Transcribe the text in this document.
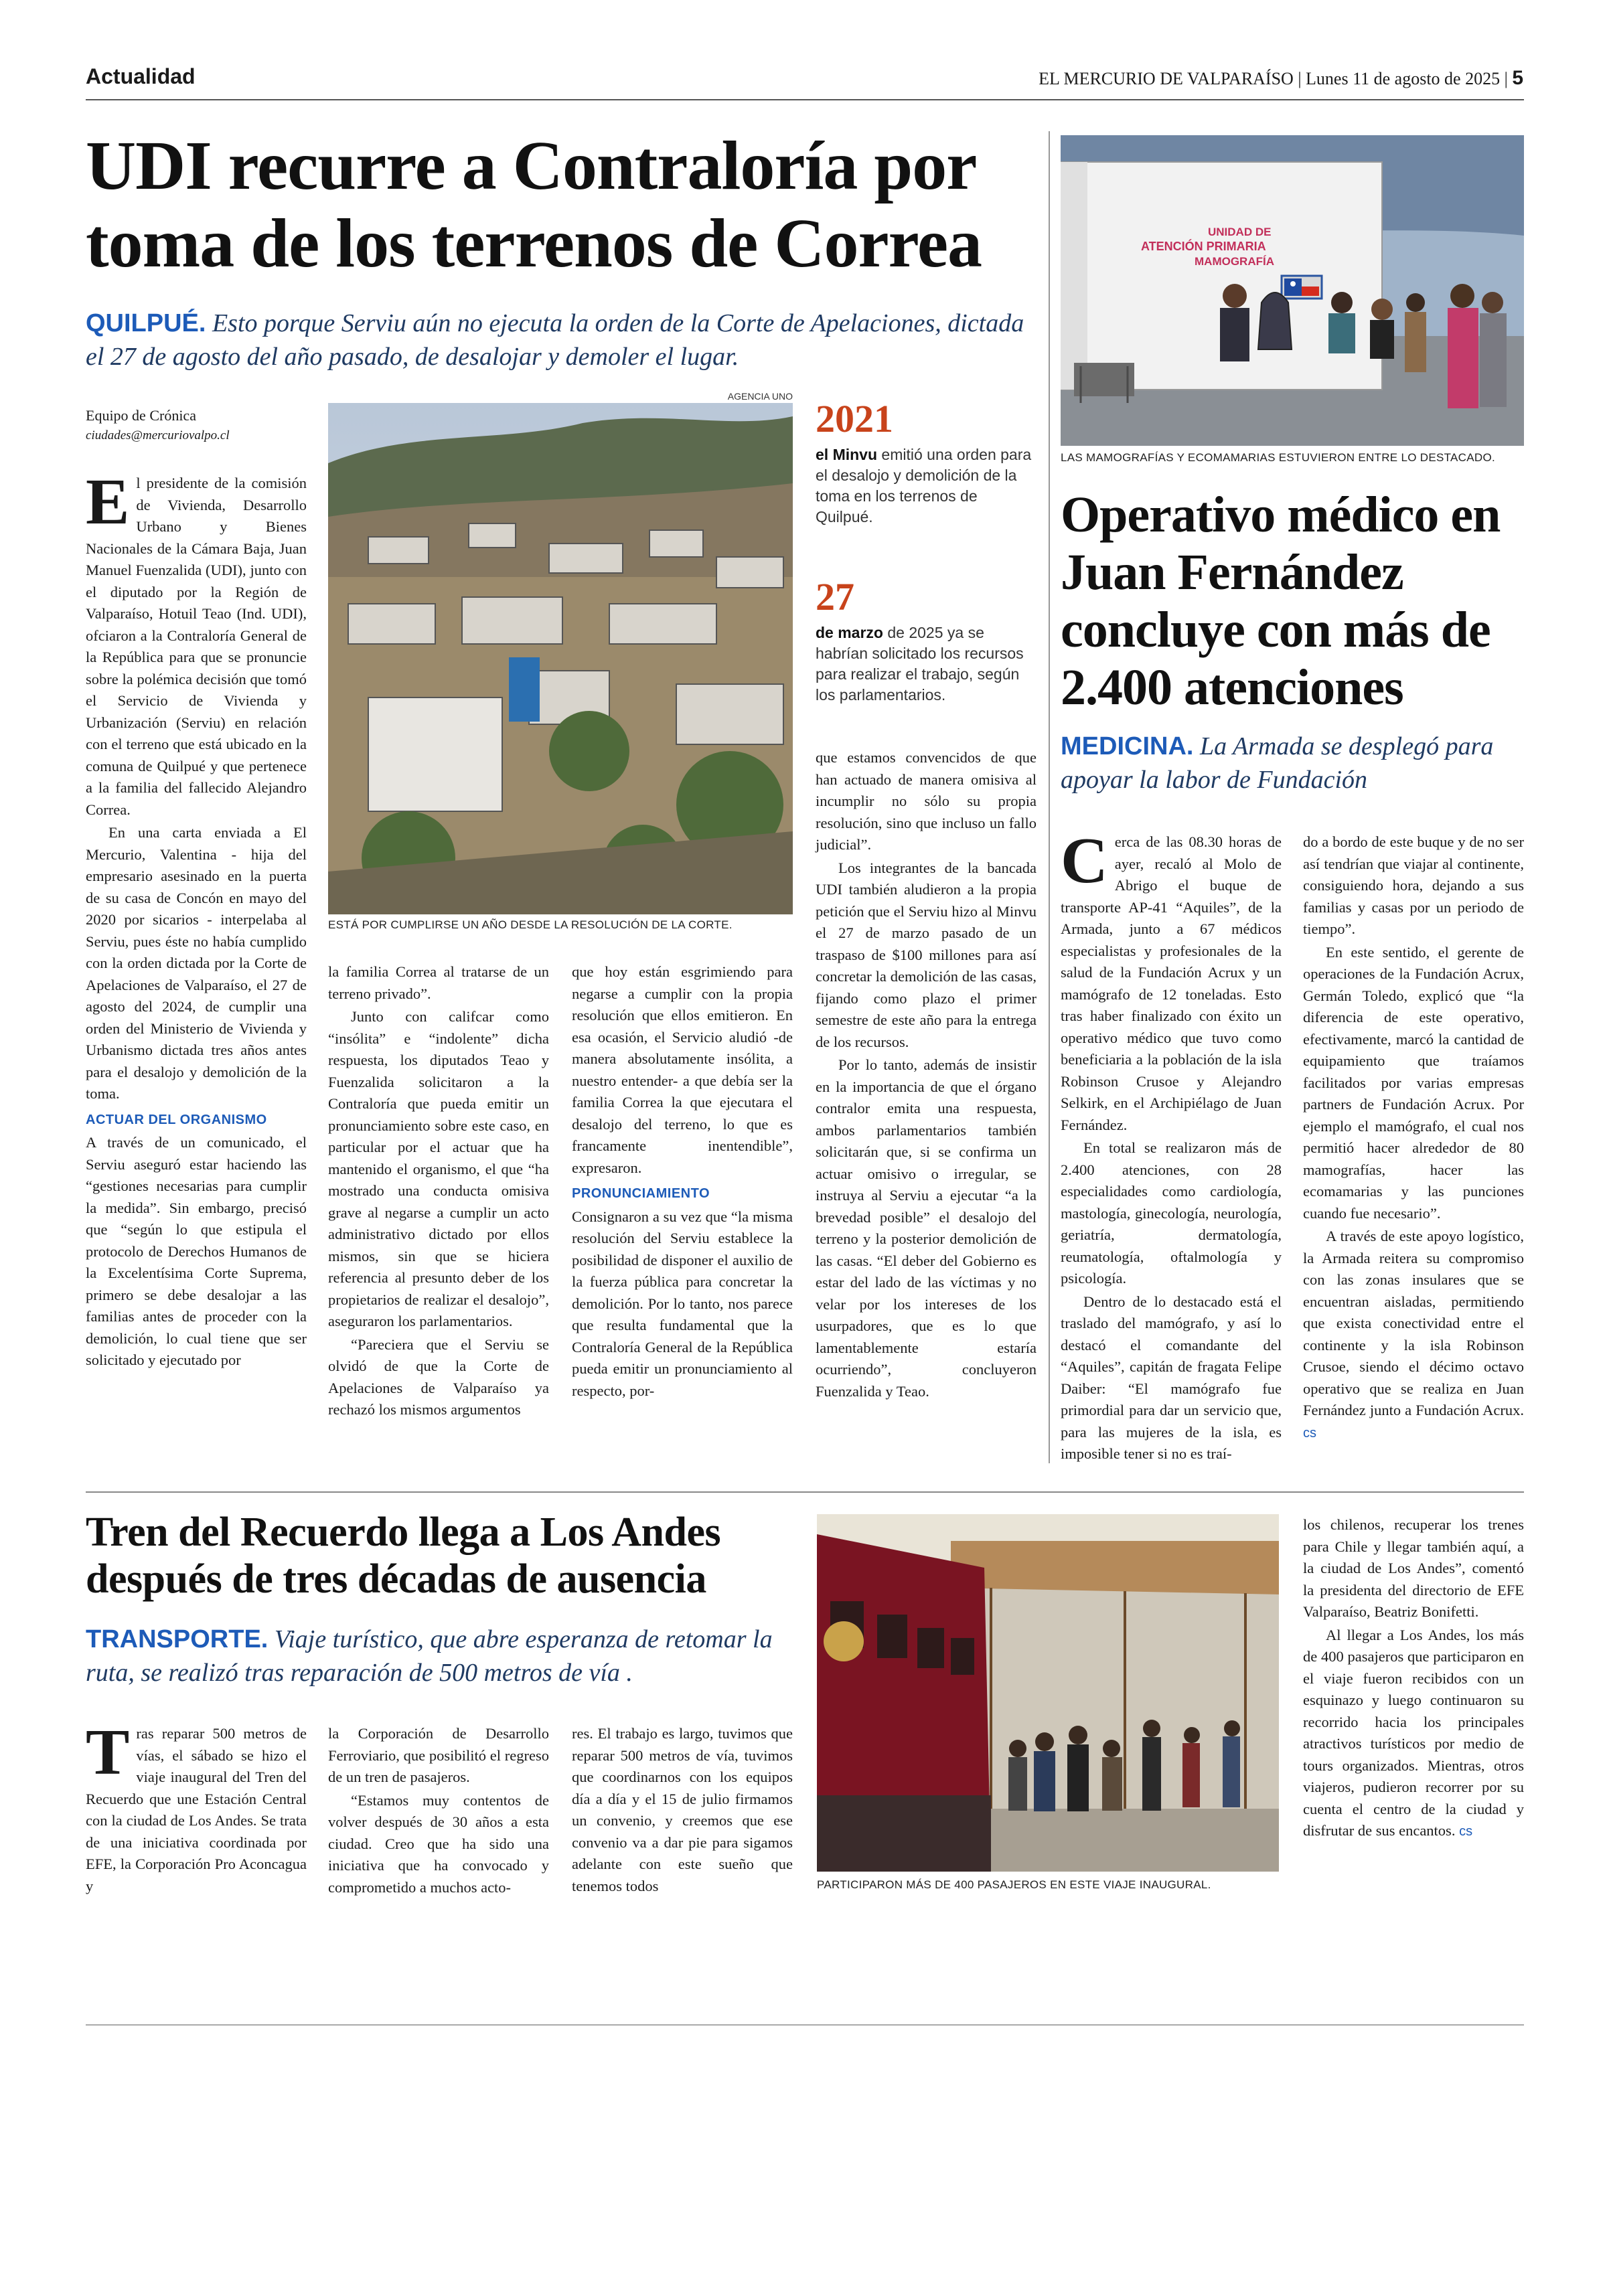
Actualidad	EL MERCURIO DE VALPARAÍSO | Lunes 11 de agosto de 2025 | 5
UDI recurre a Contraloría por toma de los terrenos de Correa
QUILPUÉ. Esto porque Serviu aún no ejecuta la orden de la Corte de Apelaciones, dictada el 27 de agosto del año pasado, de desalojar y demoler el lugar.
Equipo de Crónica
ciudades@mercuriovalpo.cl
AGENCIA UNO
ESTÁ POR CUMPLIRSE UN AÑO DESDE LA RESOLUCIÓN DE LA CORTE.
2021
el Minvu emitió una orden para el desalojo y demolición de la toma en los terrenos de Quilpué.
27
de marzo de 2025 ya se habrían solicitado los recursos para realizar el trabajo, según los parlamentarios.

El presidente de la comisión de Vivienda, Desarrollo Urbano y Bienes Nacionales de la Cámara Baja, Juan Manuel Fuenzalida (UDI), junto con el diputado por la Región de Valparaíso, Hotuil Teao (Ind. UDI), ofciaron a la Contraloría General de la República para que se pronuncie sobre la polémica decisión que tomó el Servicio de Vivienda y Urbanización (Serviu) en relación con el terreno que está ubicado en la comuna de Quilpué y que pertenece a la familia del fallecido Alejandro Correa.

En una carta enviada a El Mercurio, Valentina - hija del empresario asesinado en la puerta de su casa de Concón en mayo del 2020 por sicarios - interpelaba al Serviu, pues éste no había cumplido con la orden dictada por la Corte de Apelaciones de Valparaíso, el 27 de agosto del 2024, de cumplir una orden del Ministerio de Vivienda y Urbanismo dictada tres años antes para el desalojo y demolición de la toma.

ACTUAR DEL ORGANISMO

A través de un comunicado, el Serviu aseguró estar haciendo las “gestiones necesarias para cumplir la medida”. Sin embargo, precisó que “según lo que estipula el protocolo de Derechos Humanos de la Excelentísima Corte Suprema, primero se debe desalojar a las familias antes de proceder con la demolición, lo cual tiene que ser solicitado y ejecutado por

la familia Correa al tratarse de un terreno privado”.

Junto con califcar como “insólita” e “indolente” dicha respuesta, los diputados Teao y Fuenzalida solicitaron a la Contraloría que pueda emitir un pronunciamiento sobre este caso, en particular por el actuar que ha mantenido el organismo, el que “ha mostrado una conducta omisiva grave al negarse a cumplir un acto administrativo dictado por ellos mismos, sin que se hiciera referencia al presunto deber de los propietarios de realizar el desalojo”, aseguraron los parlamentarios.

“Pareciera que el Serviu se olvidó de que la Corte de Apelaciones de Valparaíso ya rechazó los mismos argumentos

que hoy están esgrimiendo para negarse a cumplir con la propia resolución que ellos emitieron. En esa ocasión, el Servicio aludió -de manera absolutamente insólita, a nuestro entender- a que debía ser la familia Correa la que ejecutara el desalojo del terreno, lo que es francamente inentendible”, expresaron.

PRONUNCIAMIENTO

Consignaron a su vez que “la misma resolución del Serviu establece la posibilidad de disponer el auxilio de la fuerza pública para concretar la demolición. Por lo tanto, nos parece que resulta fundamental que la Contraloría General de la República pueda emitir un pronunciamiento al respecto, por-

que estamos convencidos de que han actuado de manera omisiva al incumplir no sólo su propia resolución, sino que incluso un fallo judicial”.

Los integrantes de la bancada UDI también aludieron a la propia petición que el Serviu hizo al Minvu el 27 de marzo pasado de un traspaso de $100 millones para así concretar la demolición de las casas, fijando como plazo el primer semestre de este año para la entrega de los recursos.

Por lo tanto, además de insistir en la importancia de que el órgano contralor emita una respuesta, ambos parlamentarios también solicitarán que, si se confirma un actuar omisivo o irregular, se instruya al Serviu a ejecutar “a la brevedad posible” el desalojo del terreno y la posterior demolición de las casas. “El deber del Gobierno es estar del lado de las víctimas y no velar por los intereses de los usurpadores, que es lo que lamentablemente estaría ocurriendo”, concluyeron Fuenzalida y Teao.

UNIDAD DE
ATENCIÓN PRIMARIA
MAMOGRAFÍA
LAS MAMOGRAFÍAS Y ECOMAMARIAS ESTUVIERON ENTRE LO DESTACADO.
Operativo médico en Juan Fernández concluye con más de 2.400 atenciones
MEDICINA. La Armada se desplegó para apoyar la labor de Fundación

Cerca de las 08.30 horas de ayer, recaló al Molo de Abrigo el buque de transporte AP-41 “Aquiles”, de la Armada, junto a 67 médicos especialistas y profesionales de la salud de la Fundación Acrux y un mamógrafo de 12 toneladas. Esto tras haber finalizado con éxito un operativo médico que tuvo como beneficiaria a la población de la isla Robinson Crusoe y Alejandro Selkirk, en el Archipiélago de Juan Fernández.

En total se realizaron más de 2.400 atenciones, con 28 especialidades como cardiología, mastología, ginecología, neurología, geriatría, dermatología, reumatología, oftalmología y psicología.

Dentro de lo destacado está el traslado del mamógrafo, y así lo destacó el comandante del “Aquiles”, capitán de fragata Felipe Daiber: “El mamógrafo fue primordial para dar un servicio que, para las mujeres de la isla, es imposible tener si no es traí-

do a bordo de este buque y de no ser así tendrían que viajar al continente, consiguiendo hora, dejando a sus familias y casas por un periodo de tiempo”.

En este sentido, el gerente de operaciones de la Fundación Acrux, Germán Toledo, explicó que “la diferencia de este operativo, efectivamente, marcó la cantidad de equipamiento que traíamos facilitados por varias empresas partners de Fundación Acrux. Por ejemplo el mamógrafo, el cual nos permitió hacer alrededor de 80 mamografías, hacer las ecomamarias y las punciones cuando fue necesario”.

A través de este apoyo logístico, la Armada reitera su compromiso con las zonas insulares que se encuentran aisladas, permitiendo que exista conectividad entre el continente y la isla Robinson Crusoe, siendo el décimo octavo operativo que se realiza en Juan Fernández junto a Fundación Acrux. cs

Tren del Recuerdo llega a Los Andes después de tres décadas de ausencia
TRANSPORTE. Viaje turístico, que abre esperanza de retomar la ruta, se realizó tras reparación de 500 metros de vía .

Tras reparar 500 metros de vías, el sábado se hizo el viaje inaugural del Tren del Recuerdo que une Estación Central con la ciudad de Los Andes. Se trata de una iniciativa coordinada por EFE, la Corporación Pro Aconcagua y

la Corporación de Desarrollo Ferroviario, que posibilitó el regreso de un tren de pasajeros.

“Estamos muy contentos de volver después de 30 años a esta ciudad. Creo que ha sido una iniciativa que ha convocado y comprometido a muchos acto-

res. El trabajo es largo, tuvimos que reparar 500 metros de vía, tuvimos que coordinarnos con los equipos día a día y el 15 de julio firmamos un convenio, y creemos que ese convenio va a dar pie para sigamos adelante con este sueño que tenemos todos	PARTICIPARON MÁS DE 400 PASAJEROS EN ESTE VIAJE INAUGURAL.

los chilenos, recuperar los trenes para Chile y llegar también aquí, a la ciudad de Los Andes”, comentó la presidenta del directorio de EFE Valparaíso, Beatriz Bonifetti.

Al llegar a Los Andes, los más de 400 pasajeros que participaron en el viaje fueron recibidos con un esquinazo y luego continuaron su recorrido hacia los principales atractivos turísticos por medio de tours organizados. Mientras, otros viajeros, pudieron recorrer por su cuenta el centro de la ciudad y disfrutar de sus encantos. cs
